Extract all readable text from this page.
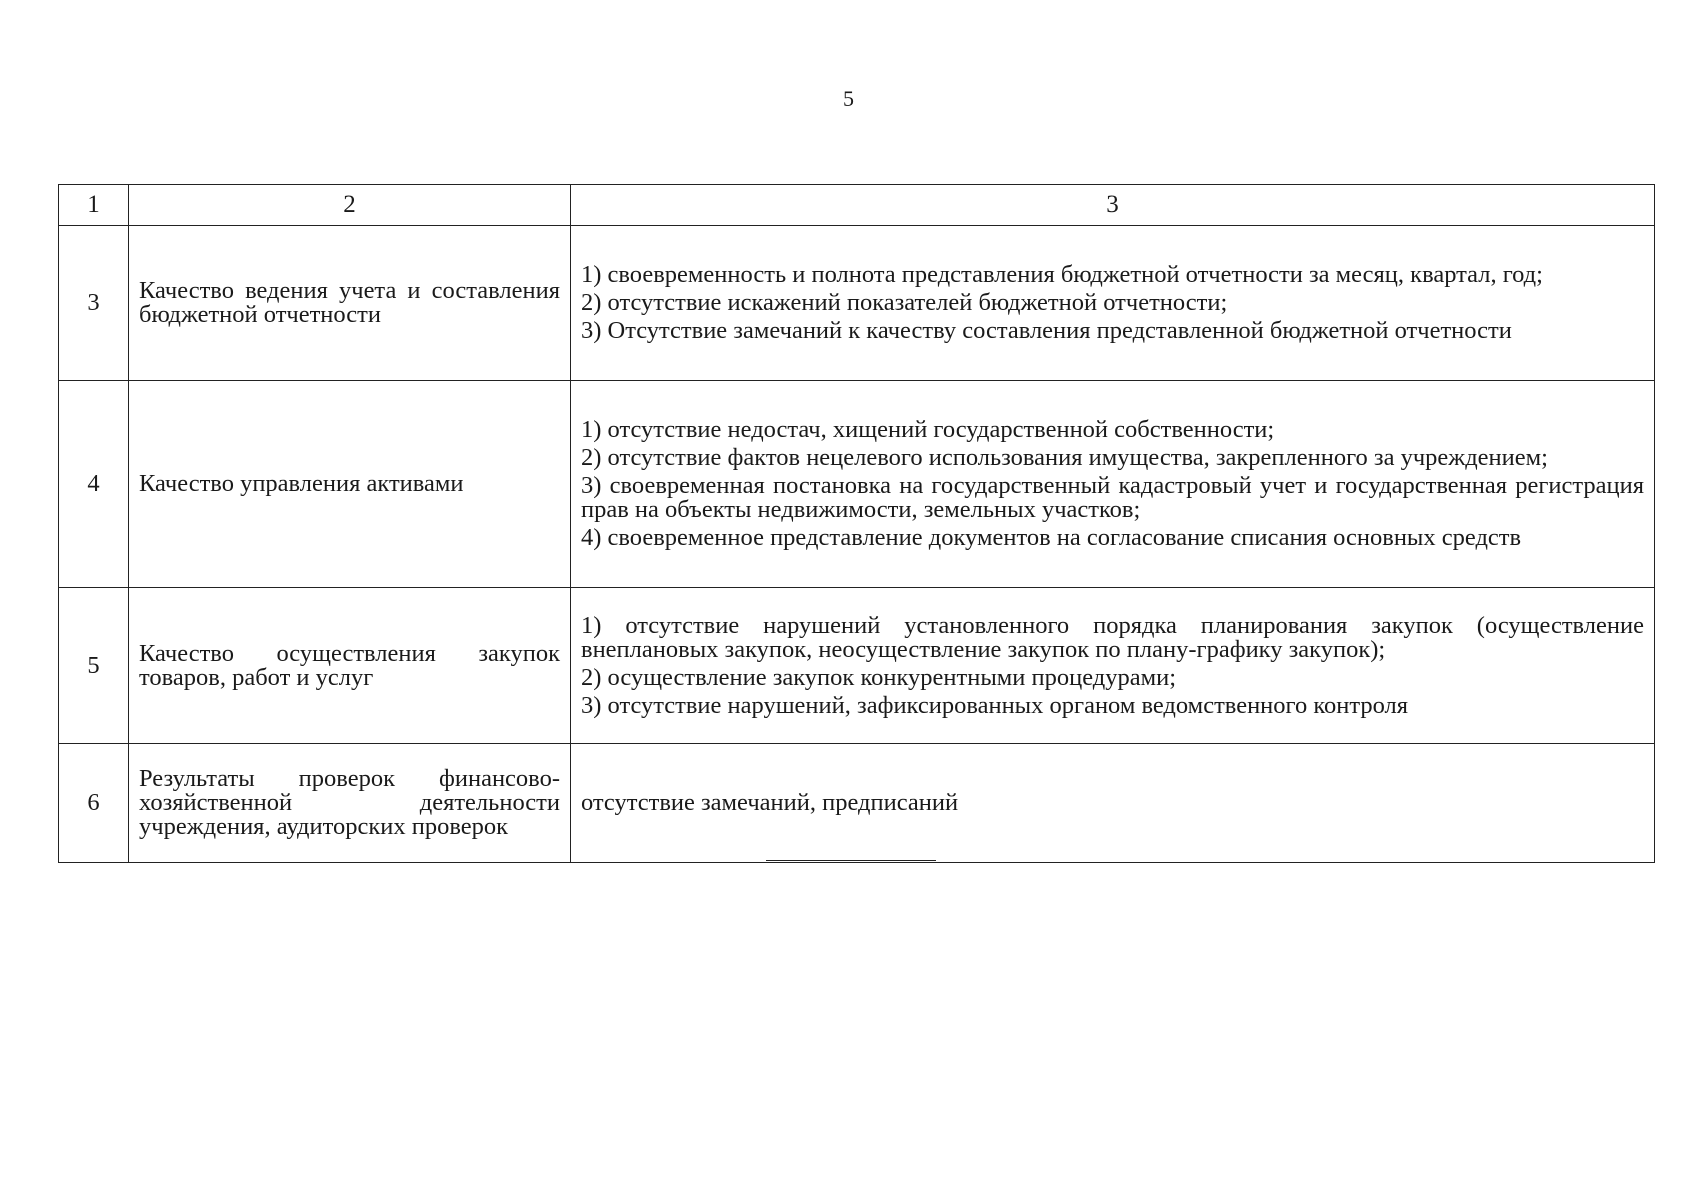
5
1	2	3
3	Качество ведения учета и составления бюджетной отчетности	1) своевременность и полнота представления бюджетной отчетности за месяц, квартал, год;
2) отсутствие искажений показателей бюджетной отчетности;
3) Отсутствие замечаний к качеству составления представленной бюджетной отчетности

4	Качество управления активами	1) отсутствие недостач, хищений государственной собственности;
2) отсутствие фактов нецелевого использования имущества, закрепленного за учреждением;
3) своевременная постановка на государственный кадастровый учет и государственная регистрация прав на объекты недвижимости, земельных участков;
4) своевременное представление документов на согласование списания основных средств

5	Качество осуществления закупок товаров, работ и услуг	1) отсутствие нарушений установленного порядка планирования закупок (осуществление внеплановых закупок, неосуществление закупок по плану-графику закупок);
2) осуществление закупок конкурентными процедурами;
3) отсутствие нарушений, зафиксированных органом ведомственного контроля

6	Результаты проверок финансово-хозяйственной деятельности учреждения, аудиторских проверок	отсутствие замечаний, предписаний
